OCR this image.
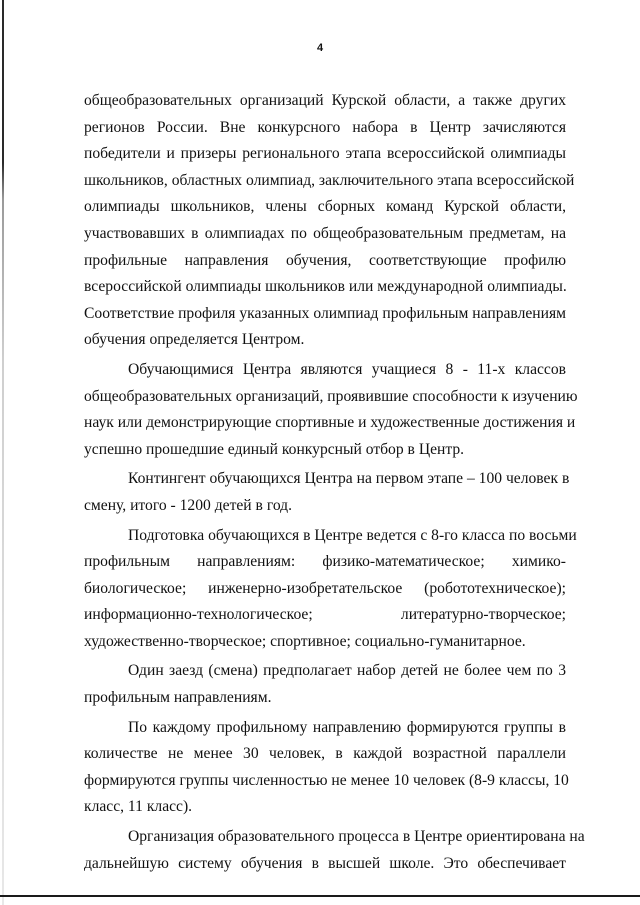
4
общеобразовательных организаций Курской области, а также других
регионов России. Вне конкурсного набора в Центр зачисляются
победители и призеры регионального этапа всероссийской олимпиады
школьников, областных олимпиад, заключительного этапа всероссийской
олимпиады школьников, члены сборных команд Курской области,
участвовавших в олимпиадах по общеобразовательным предметам, на
профильные направления обучения, соответствующие профилю
всероссийской олимпиады школьников или международной олимпиады.
Соответствие профиля указанных олимпиад профильным направлениям
обучения определяется Центром.
Обучающимися Центра являются учащиеся 8 - 11-х классов
общеобразовательных организаций, проявившие способности к изучению
наук или демонстрирующие спортивные и художественные достижения и
успешно прошедшие единый конкурсный отбор в Центр.
Контингент обучающихся Центра на первом этапе – 100 человек в
смену, итого - 1200 детей в год.
Подготовка обучающихся в Центре ведется с 8-го класса по восьми
профильным направлениям: физико-математическое; химико-
биологическое; инженерно-изобретательское (робототехническое);
информационно-технологическое; литературно-творческое;
художественно-творческое; спортивное; социально-гуманитарное.
Один заезд (смена) предполагает набор детей не более чем по 3
профильным направлениям.
По каждому профильному направлению формируются группы в
количестве не менее 30 человек, в каждой возрастной параллели
формируются группы численностью не менее 10 человек (8-9 классы, 10
класс, 11 класс).
Организация образовательного процесса в Центре ориентирована на
дальнейшую систему обучения в высшей школе. Это обеспечивает
